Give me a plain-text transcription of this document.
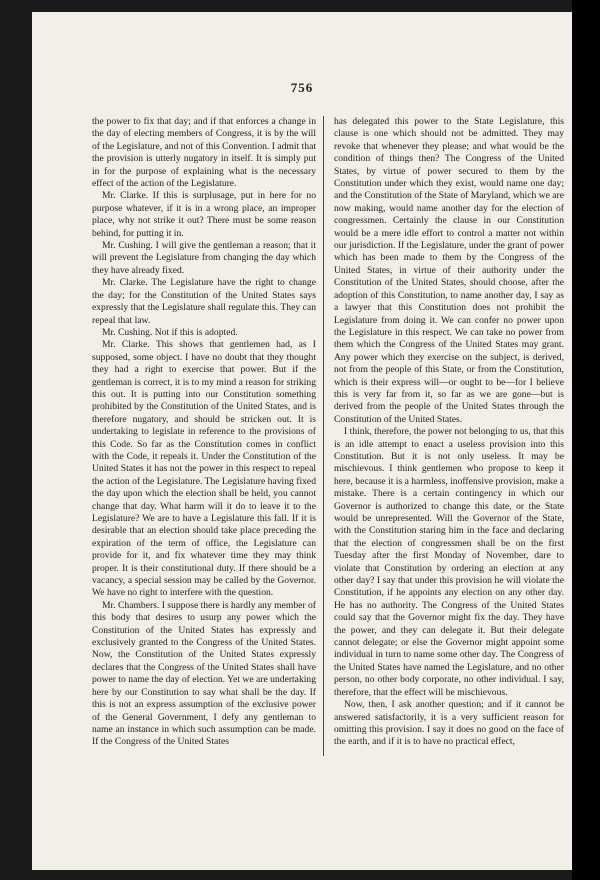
756

the power to fix that day; and if that enforces a change in the day of electing members of Congress, it is by the will of the Legislature, and not of this Convention. I admit that the provision is utterly nugatory in itself. It is simply put in for the purpose of explaining what is the necessary effect of the action of the Legislature.

Mr. Clarke. If this is surplusage, put in here for no purpose whatever, if it is in a wrong place, an improper place, why not strike it out? There must be some reason behind, for putting it in.

Mr. Cushing. I will give the gentleman a reason; that it will prevent the Legislature from changing the day which they have already fixed.

Mr. Clarke. The Legislature have the right to change the day; for the Constitution of the United States says expressly that the Legislature shall regulate this. They can repeal that law.

Mr. Cushing. Not if this is adopted.

Mr. Clarke. This shows that gentlemen had, as I supposed, some object. I have no doubt that they thought they had a right to exercise that power. But if the gentleman is correct, it is to my mind a reason for striking this out. It is putting into our Constitution something prohibited by the Constitution of the United States, and is therefore nugatory, and should be stricken out. It is undertaking to legislate in reference to the provisions of this Code. So far as the Constitution comes in conflict with the Code, it repeals it. Under the Constitution of the United States it has not the power in this respect to repeal the action of the Legislature. The Legislature having fixed the day upon which the election shall be held, you cannot change that day. What harm will it do to leave it to the Legislature? We are to have a Legislature this fall. If it is desirable that an election should take place preceding the expiration of the term of office, the Legislature can provide for it, and fix whatever time they may think proper. It is their constitutional duty. If there should be a vacancy, a special session may be called by the Governor. We have no right to interfere with the question.

Mr. Chambers. I suppose there is hardly any member of this body that desires to usurp any power which the Constitution of the United States has expressly and exclusively granted to the Congress of the United States. Now, the Constitution of the United States expressly declares that the Congress of the United States shall have power to name the day of election. Yet we are undertaking here by our Constitution to say what shall be the day. If this is not an express assumption of the exclusive power of the General Government, I defy any gentleman to name an instance in which such assumption can be made. If the Congress of the United States

has delegated this power to the State Legislature, this clause is one which should not be admitted. They may revoke that whenever they please; and what would be the condition of things then? The Congress of the United States, by virtue of power secured to them by the Constitution under which they exist, would name one day; and the Constitution of the State of Maryland, which we are now making, would name another day for the election of congressmen. Certainly the clause in our Constitution would be a mere idle effort to control a matter not within our jurisdiction. If the Legislature, under the grant of power which has been made to them by the Congress of the United States, in virtue of their authority under the Constitution of the United States, should choose, after the adoption of this Constitution, to name another day, I say as a lawyer that this Constitution does not prohibit the Legislature from doing it. We can confer no power upon the Legislature in this respect. We can take no power from them which the Congress of the United States may grant. Any power which they exercise on the subject, is derived, not from the people of this State, or from the Constitution, which is their express will—or ought to be—for I believe this is very far from it, so far as we are gone—but is derived from the people of the United States through the Constitution of the United States.

I think, therefore, the power not belonging to us, that this is an idle attempt to enact a useless provision into this Constitution. But it is not only useless. It may be mischievous. I think gentlemen who propose to keep it here, because it is a harmless, inoffensive provision, make a mistake. There is a certain contingency in which our Governor is authorized to change this date, or the State would be unrepresented. Will the Governor of the State, with the Constitution staring him in the face and declaring that the election of congressmen shall be on the first Tuesday after the first Monday of November, dare to violate that Constitution by ordering an election at any other day? I say that under this provision he will violate the Constitution, if he appoints any election on any other day. He has no authority. The Congress of the United States could say that the Governor might fix the day. They have the power, and they can delegate it. But their delegate cannot delegate; or else the Governor might appoint some individual in turn to name some other day. The Congress of the United States have named the Legislature, and no other person, no other body corporate, no other individual. I say, therefore, that the effect will be mischievous.

Now, then, I ask another question; and if it cannot be answered satisfactorily, it is a very sufficient reason for omitting this provision. I say it does no good on the face of the earth, and if it is to have no practical effect,
